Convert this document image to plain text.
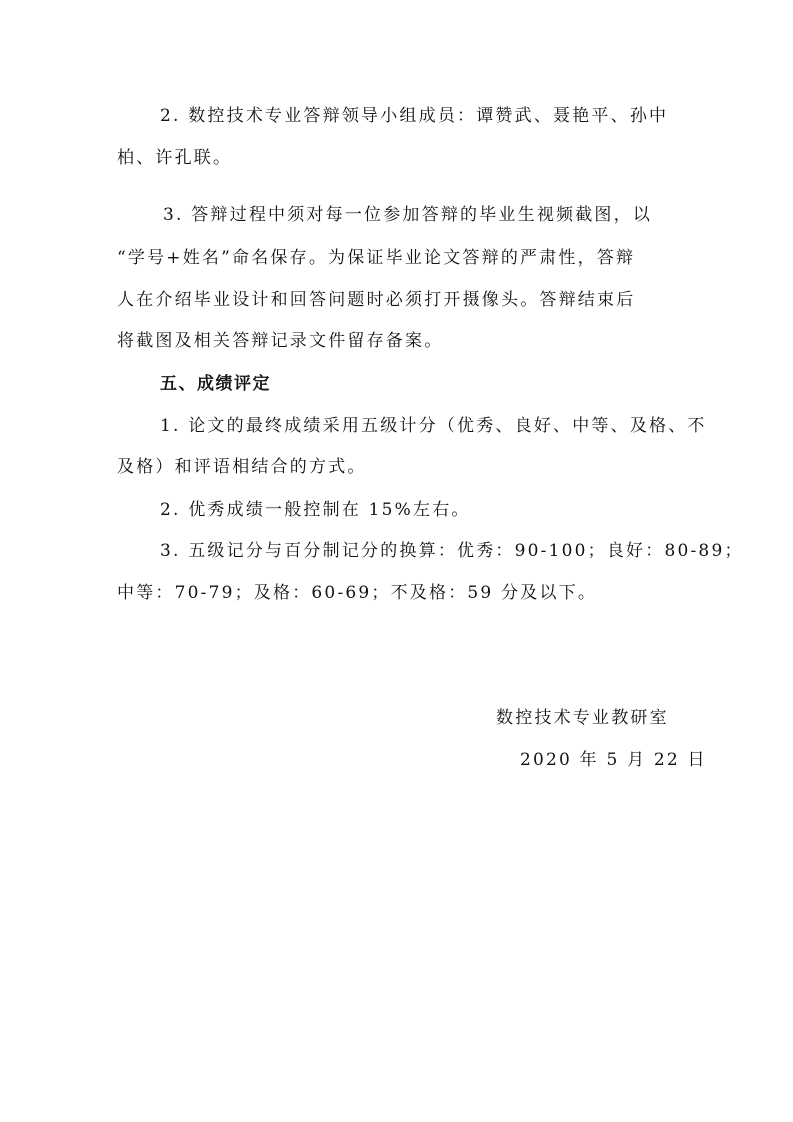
2. 数控技术专业答辩领导小组成员：谭赞武、聂艳平、孙中
柏、许孔联。
3. 答辩过程中须对每一位参加答辩的毕业生视频截图，以
“学号+姓名”命名保存。为保证毕业论文答辩的严肃性，答辩
人在介绍毕业设计和回答问题时必须打开摄像头。答辩结束后
将截图及相关答辩记录文件留存备案。
五、成绩评定
1. 论文的最终成绩采用五级计分（优秀、良好、中等、及格、不
及格）和评语相结合的方式。
2. 优秀成绩一般控制在 15%左右。
3. 五级记分与百分制记分的换算：优秀：90-100；良好：80-89；
中等：70-79；及格：60-69；不及格：59 分及以下。
数控技术专业教研室
2020 年 5 月 22 日
